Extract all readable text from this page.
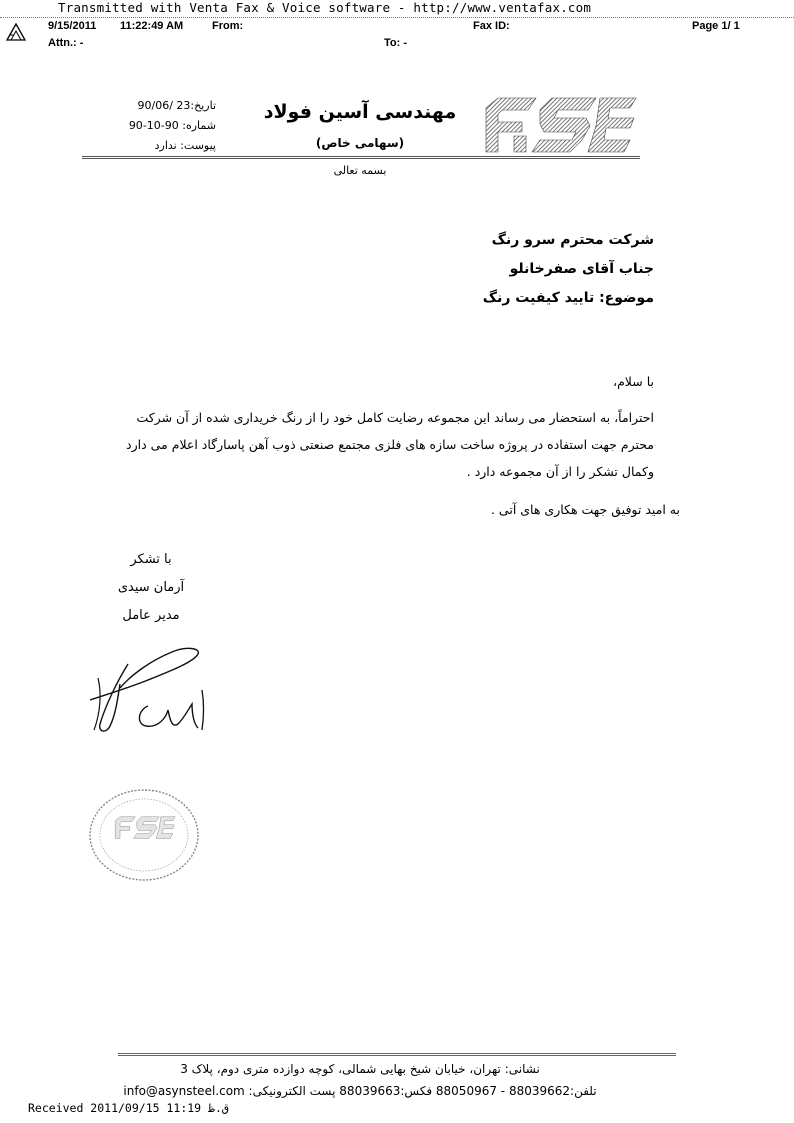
Transmitted with Venta Fax & Voice software - http://www.ventafax.com
9/15/2011 11:22:49 AM	From:	Fax ID:	Page 1/ 1
Attn.: -	To: -
تاریخ:23 /90/06
شماره: 90-10-90
پیوست: ندارد
مهندسی آسین فولاد
(سهامی خاص)
بسمه تعالی
شرکت محترم سرو رنگ
جناب آقای صفرخانلو
موضوع: تایید کیفیت رنگ
با سلام،
احتراماً، به استحضار می رساند این مجموعه رضایت کامل خود را از رنگ خریداری شده از آن شرکت
محترم جهت استفاده در پروژه ساخت سازه های فلزی مجتمع صنعتی ذوب آهن پاسارگاد اعلام می دارد
وکمال تشکر را از آن مجموعه دارد .
به امید توفیق جهت هکاری های آتی .
با تشکر
آرمان سیدی
مدیر عامل
نشانی: تهران، خیابان شیخ بهایی شمالی، کوچه دوازده متری دوم، پلاک 3
تلفن:88039662 - 88050967 فکس:88039663 پست الکترونیکی: info@asynsteel.com
Received 2011/09/15 11:19 ق.ظ
